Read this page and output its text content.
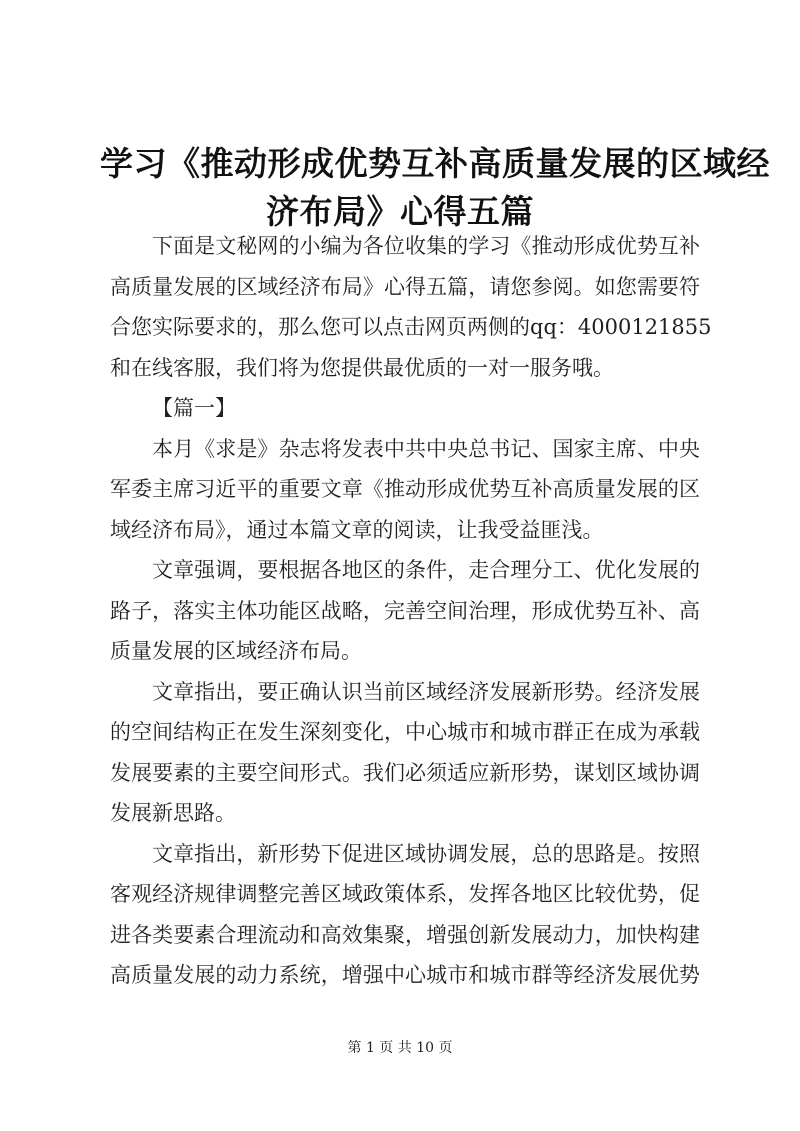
学习《推动形成优势互补高质量发展的区域经
济布局》心得五篇
下面是文秘网的小编为各位收集的学习《推动形成优势互补
高质量发展的区域经济布局》心得五篇，请您参阅。如您需要符
合您实际要求的，那么您可以点击网页两侧的qq：4000121855
和在线客服，我们将为您提供最优质的一对一服务哦。
【篇一】
本月《求是》杂志将发表中共中央总书记、国家主席、中央
军委主席习近平的重要文章《推动形成优势互补高质量发展的区
域经济布局》，通过本篇文章的阅读，让我受益匪浅。
文章强调，要根据各地区的条件，走合理分工、优化发展的
路子，落实主体功能区战略，完善空间治理，形成优势互补、高
质量发展的区域经济布局。
文章指出，要正确认识当前区域经济发展新形势。经济发展
的空间结构正在发生深刻变化，中心城市和城市群正在成为承载
发展要素的主要空间形式。我们必须适应新形势，谋划区域协调
发展新思路。
文章指出，新形势下促进区域协调发展，总的思路是。按照
客观经济规律调整完善区域政策体系，发挥各地区比较优势，促
进各类要素合理流动和高效集聚，增强创新发展动力，加快构建
高质量发展的动力系统，增强中心城市和城市群等经济发展优势
第 1 页 共 10 页
